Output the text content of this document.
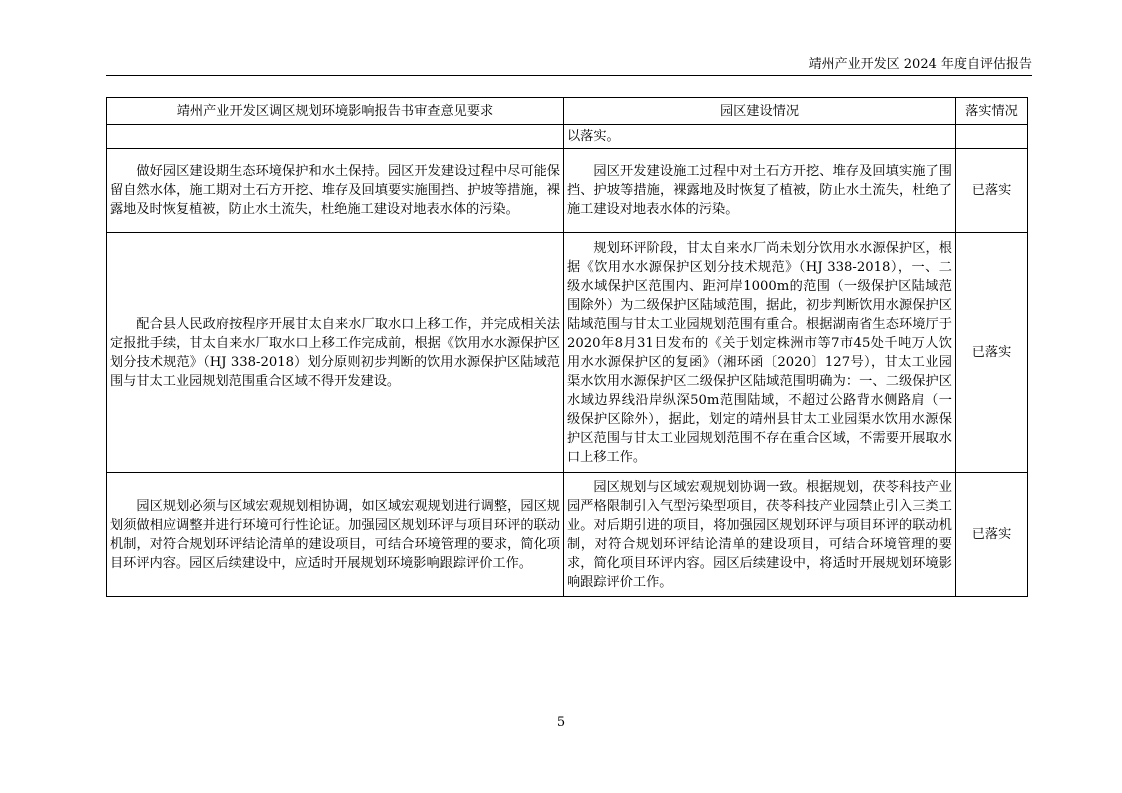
靖州产业开发区 2024 年度自评估报告
靖州产业开发区调区规划环境影响报告书审查意见要求	园区建设情况	落实情况
	以落实。	
做好园区建设期生态环境保护和水土保持。园区开发建设过程中尽可能保留自然水体，施工期对土石方开挖、堆存及回填要实施围挡、护坡等措施，裸露地及时恢复植被，防止水土流失，杜绝施工建设对地表水体的污染。	园区开发建设施工过程中对土石方开挖、堆存及回填实施了围挡、护坡等措施，裸露地及时恢复了植被，防止水土流失，杜绝了施工建设对地表水体的污染。	已落实
配合县人民政府按程序开展甘太自来水厂取水口上移工作，并完成相关法定报批手续，甘太自来水厂取水口上移工作完成前，根据《饮用水水源保护区划分技术规范》（HJ 338-2018）划分原则初步判断的饮用水源保护区陆域范围与甘太工业园规划范围重合区域不得开发建设。	规划环评阶段，甘太自来水厂尚未划分饮用水水源保护区，根据《饮用水水源保护区划分技术规范》（HJ 338-2018），一、二级水域保护区范围内、距河岸1000m的范围（一级保护区陆域范围除外）为二级保护区陆域范围，据此，初步判断饮用水源保护区陆域范围与甘太工业园规划范围有重合。根据湖南省生态环境厅于2020年8月31日发布的《关于划定株洲市等7市45处千吨万人饮用水水源保护区的复函》（湘环函〔2020〕127号），甘太工业园渠水饮用水源保护区二级保护区陆域范围明确为：一、二级保护区水域边界线沿岸纵深50m范围陆域，不超过公路背水侧路肩（一级保护区除外），据此，划定的靖州县甘太工业园渠水饮用水源保护区范围与甘太工业园规划范围不存在重合区域，不需要开展取水口上移工作。	已落实
园区规划必须与区域宏观规划相协调，如区域宏观规划进行调整，园区规划须做相应调整并进行环境可行性论证。加强园区规划环评与项目环评的联动机制，对符合规划环评结论清单的建设项目，可结合环境管理的要求，简化项目环评内容。园区后续建设中，应适时开展规划环境影响跟踪评价工作。	园区规划与区域宏观规划协调一致。根据规划，茯苓科技产业园严格限制引入气型污染型项目，茯苓科技产业园禁止引入三类工业。对后期引进的项目，将加强园区规划环评与项目环评的联动机制，对符合规划环评结论清单的建设项目，可结合环境管理的要求，简化项目环评内容。园区后续建设中，将适时开展规划环境影响跟踪评价工作。	已落实
5
